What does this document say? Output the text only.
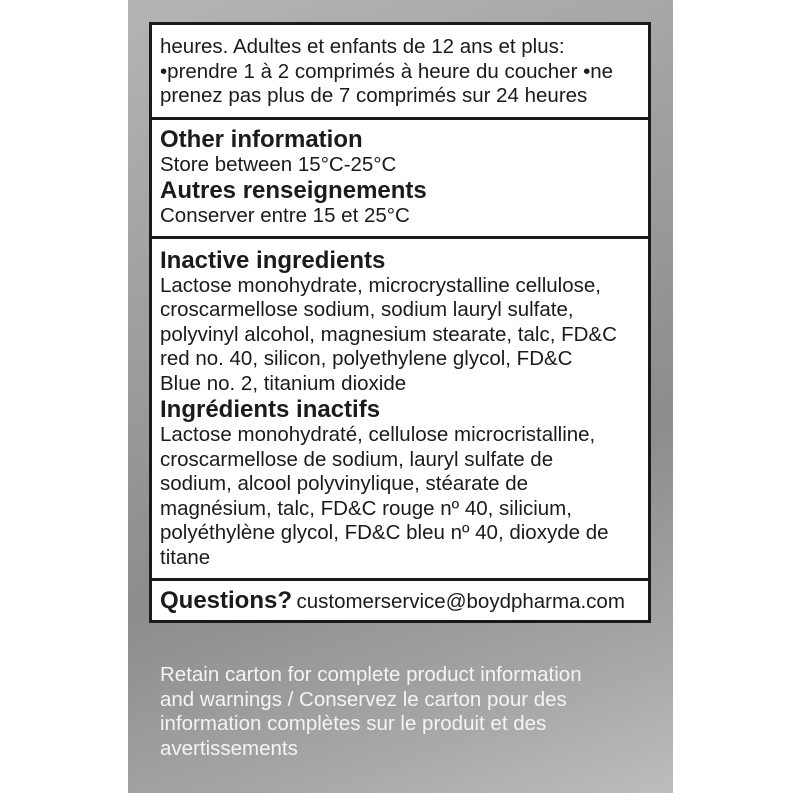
heures. Adultes et enfants de 12 ans et plus:

•prendre 1 à 2 comprimés à heure du coucher •ne

prenez pas plus de 7 comprimés sur 24 heures

Other information

Store between 15°C-25°C

Autres renseignements

Conserver entre 15 et 25°C

Inactive ingredients

Lactose monohydrate, microcrystalline cellulose,

croscarmellose sodium, sodium lauryl sulfate,

polyvinyl alcohol, magnesium stearate, talc, FD&C

red no. 40, silicon, polyethylene glycol, FD&C

Blue no. 2, titanium dioxide

Ingrédients inactifs

Lactose monohydraté, cellulose microcristalline,

croscarmellose de sodium, lauryl sulfate de

sodium, alcool polyvinylique, stéarate de

magnésium, talc, FD&C rouge nº 40, silicium,

polyéthylène glycol, FD&C bleu nº 40, dioxyde de

titane

Questions? customerservice@boydpharma.com
Retain carton for complete product information
and warnings / Conservez le carton pour des
information complètes sur le produit et des
avertissements
